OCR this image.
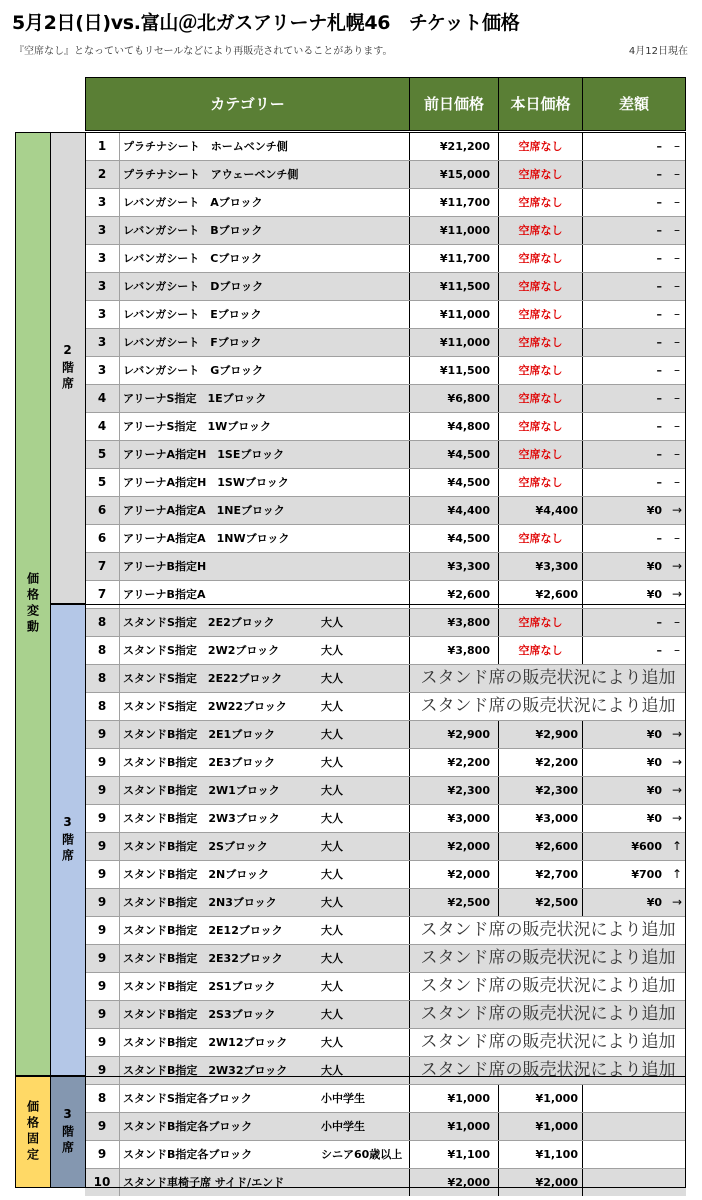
5月2日(日)vs.富山＠北ガスアリーナ札幌46　チケット価格
『空席なし』となっていてもリセールなどにより再販売されていることがあります。	4月12日現在
カテゴリー	前日価格	本日価格	差額
価格変動
価格固定
2階席
3階席
3階席
1	プラチナシート　ホームベンチ側	¥21,200	空席なし	–	–
2	プラチナシート　アウェーベンチ側	¥15,000	空席なし	–	–
3	レバンガシート　Aブロック	¥11,700	空席なし	–	–
3	レバンガシート　Bブロック	¥11,000	空席なし	–	–
3	レバンガシート　Cブロック	¥11,700	空席なし	–	–
3	レバンガシート　Dブロック	¥11,500	空席なし	–	–
3	レバンガシート　Eブロック	¥11,000	空席なし	–	–
3	レバンガシート　Fブロック	¥11,000	空席なし	–	–
3	レバンガシート　Gブロック	¥11,500	空席なし	–	–
4	アリーナS指定　1Eブロック	¥6,800	空席なし	–	–
4	アリーナS指定　1Wブロック	¥4,800	空席なし	–	–
5	アリーナA指定H　1SEブロック	¥4,500	空席なし	–	–
5	アリーナA指定H　1SWブロック	¥4,500	空席なし	–	–
6	アリーナA指定A　1NEブロック	¥4,400	¥4,400	¥0 →
6	アリーナA指定A　1NWブロック	¥4,500	空席なし	–	–
7	アリーナB指定H	¥3,300	¥3,300	¥0 →
7	アリーナB指定A	¥2,600	¥2,600	¥0 →
8	スタンドS指定　2E2ブロック	大人	¥3,800	空席なし	–	–
8	スタンドS指定　2W2ブロック	大人	¥3,800	空席なし	–	–
8	スタンドS指定　2E22ブロック	大人	スタンド席の販売状況により追加
8	スタンドS指定　2W22ブロック	大人	スタンド席の販売状況により追加
9	スタンドB指定　2E1ブロック	大人	¥2,900	¥2,900	¥0 →
9	スタンドB指定　2E3ブロック	大人	¥2,200	¥2,200	¥0 →
9	スタンドB指定　2W1ブロック	大人	¥2,300	¥2,300	¥0 →
9	スタンドB指定　2W3ブロック	大人	¥3,000	¥3,000	¥0 →
9	スタンドB指定　2Sブロック	大人	¥2,000	¥2,600	¥600 ↑
9	スタンドB指定　2Nブロック	大人	¥2,000	¥2,700	¥700 ↑
9	スタンドB指定　2N3ブロック	大人	¥2,500	¥2,500	¥0 →
9	スタンドB指定　2E12ブロック	大人	スタンド席の販売状況により追加
9	スタンドB指定　2E32ブロック	大人	スタンド席の販売状況により追加
9	スタンドB指定　2S1ブロック	大人	スタンド席の販売状況により追加
9	スタンドB指定　2S3ブロック	大人	スタンド席の販売状況により追加
9	スタンドB指定　2W12ブロック	大人	スタンド席の販売状況により追加
9	スタンドB指定　2W32ブロック	大人	スタンド席の販売状況により追加
8	スタンドS指定各ブロック	小中学生	¥1,000	¥1,000
9	スタンドB指定各ブロック	小中学生	¥1,000	¥1,000
9	スタンドB指定各ブロック	シニア60歳以上	¥1,100	¥1,100
10	スタンド車椅子席 サイド/エンド	¥2,000	¥2,000
